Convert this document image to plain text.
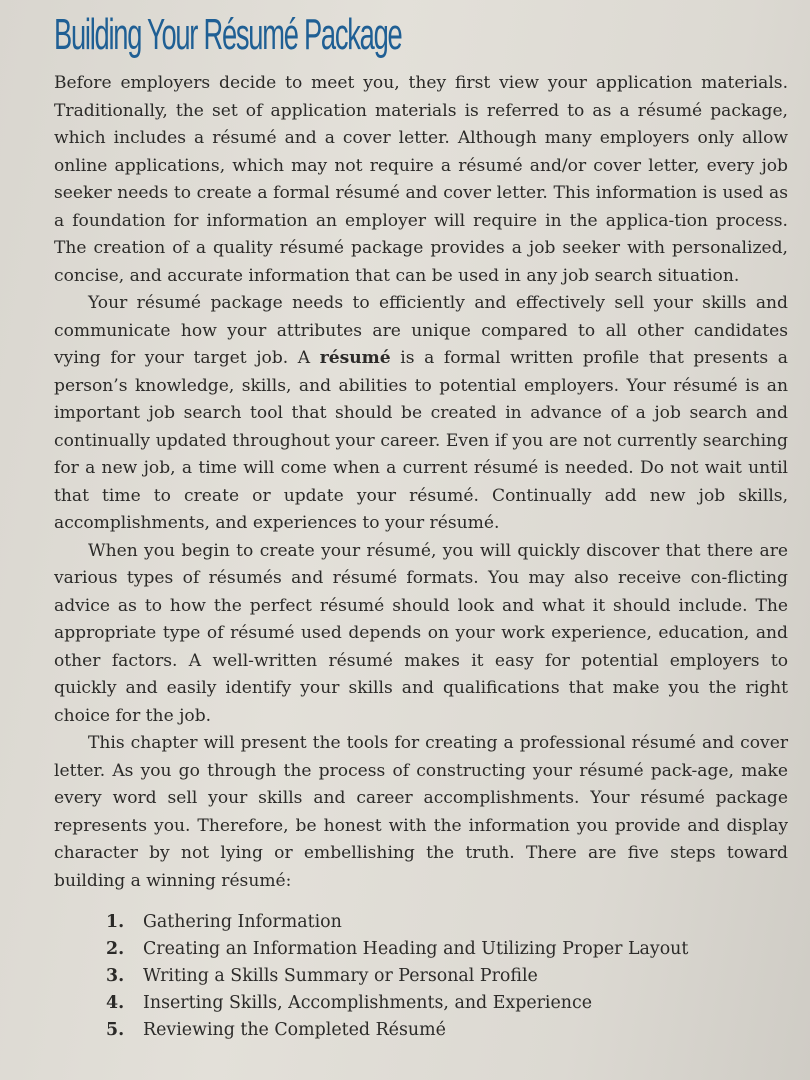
Building Your Résumé Package

Before employers decide to meet you, they first view your application materials. Traditionally, the set of application materials is referred to as a résumé package, which includes a résumé and a cover letter. Although many employers only allow online applications, which may not require a résumé and/or cover letter, every job seeker needs to create a formal résumé and cover letter. This information is used as a foundation for information an employer will require in the applica-tion process. The creation of a quality résumé package provides a job seeker with personalized, concise, and accurate information that can be used in any job search situation.

Your résumé package needs to efficiently and effectively sell your skills and communicate how your attributes are unique compared to all other candidates vying for your target job. A résumé is a formal written profile that presents a person’s knowledge, skills, and abilities to potential employers. Your résumé is an important job search tool that should be created in advance of a job search and continually updated throughout your career. Even if you are not currently searching for a new job, a time will come when a current résumé is needed. Do not wait until that time to create or update your résumé. Continually add new job skills, accomplishments, and experiences to your résumé.

When you begin to create your résumé, you will quickly discover that there are various types of résumés and résumé formats. You may also receive con-flicting advice as to how the perfect résumé should look and what it should include. The appropriate type of résumé used depends on your work experience, education, and other factors. A well-written résumé makes it easy for potential employers to quickly and easily identify your skills and qualifications that make you the right choice for the job.

This chapter will present the tools for creating a professional résumé and cover letter. As you go through the process of constructing your résumé pack-age, make every word sell your skills and career accomplishments. Your résumé package represents you. Therefore, be honest with the information you provide and display character by not lying or embellishing the truth. There are five steps toward building a winning résumé:

1.	Gathering Information
2.	Creating an Information Heading and Utilizing Proper Layout
3.	Writing a Skills Summary or Personal Profile
4.	Inserting Skills, Accomplishments, and Experience
5.	Reviewing the Completed Résumé
